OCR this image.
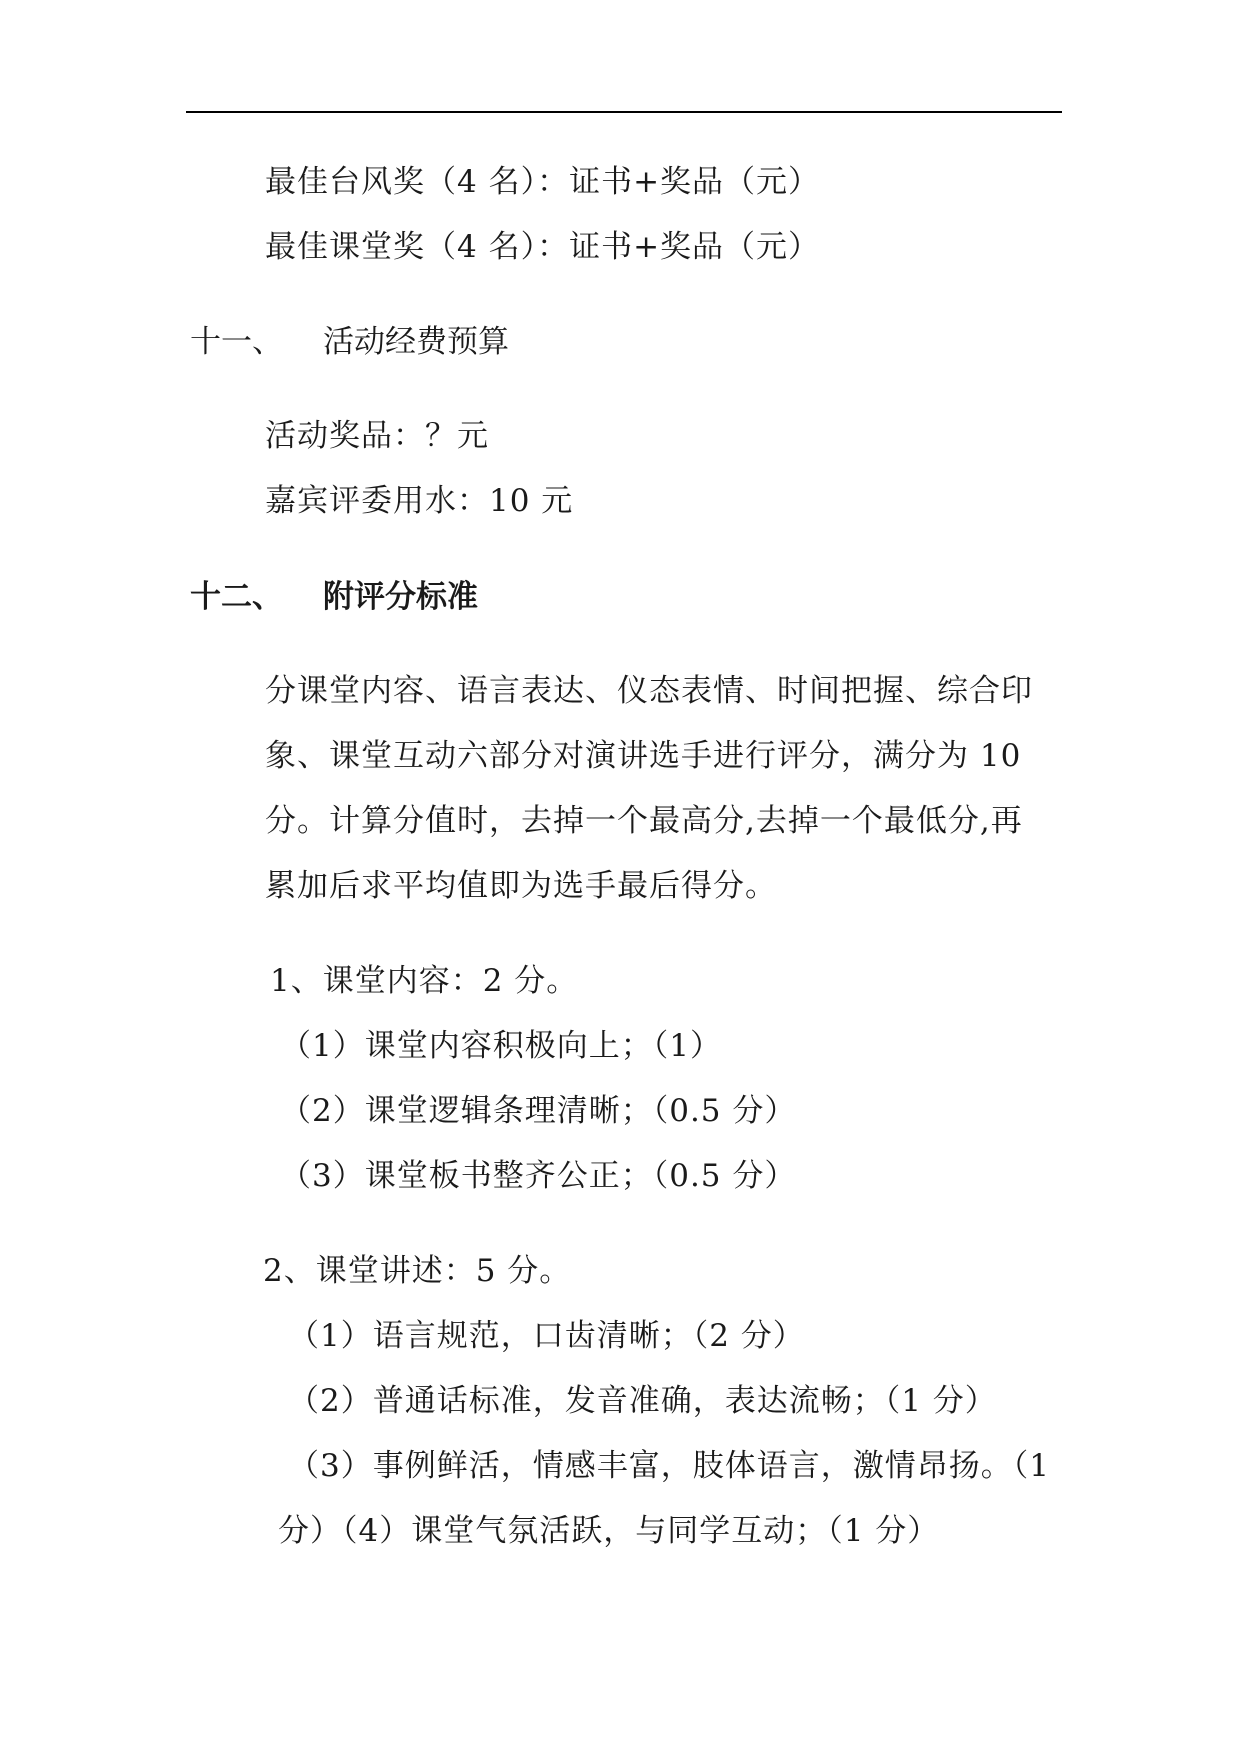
最佳台风奖（4 名）：证书+奖品（元）
最佳课堂奖（4 名）：证书+奖品（元）
十一、 活动经费预算
活动奖品：？元
嘉宾评委用水：10 元
十二、 附评分标准
分课堂内容、语言表达、仪态表情、时间把握、综合印
象、课堂互动六部分对演讲选手进行评分，满分为 10
分。计算分值时，去掉一个最高分,去掉一个最低分,再
累加后求平均值即为选手最后得分。
1、课堂内容：2 分。
（1）课堂内容积极向上；（1）
（2）课堂逻辑条理清晰；（0.5 分）
（3）课堂板书整齐公正；（0.5 分）
2、课堂讲述：5 分。
（1）语言规范，口齿清晰；（2 分）
（2）普通话标准，发音准确，表达流畅；（1 分）
（3）事例鲜活，情感丰富，肢体语言，激情昂扬。（1
分）（4）课堂气氛活跃，与同学互动；（1 分）
